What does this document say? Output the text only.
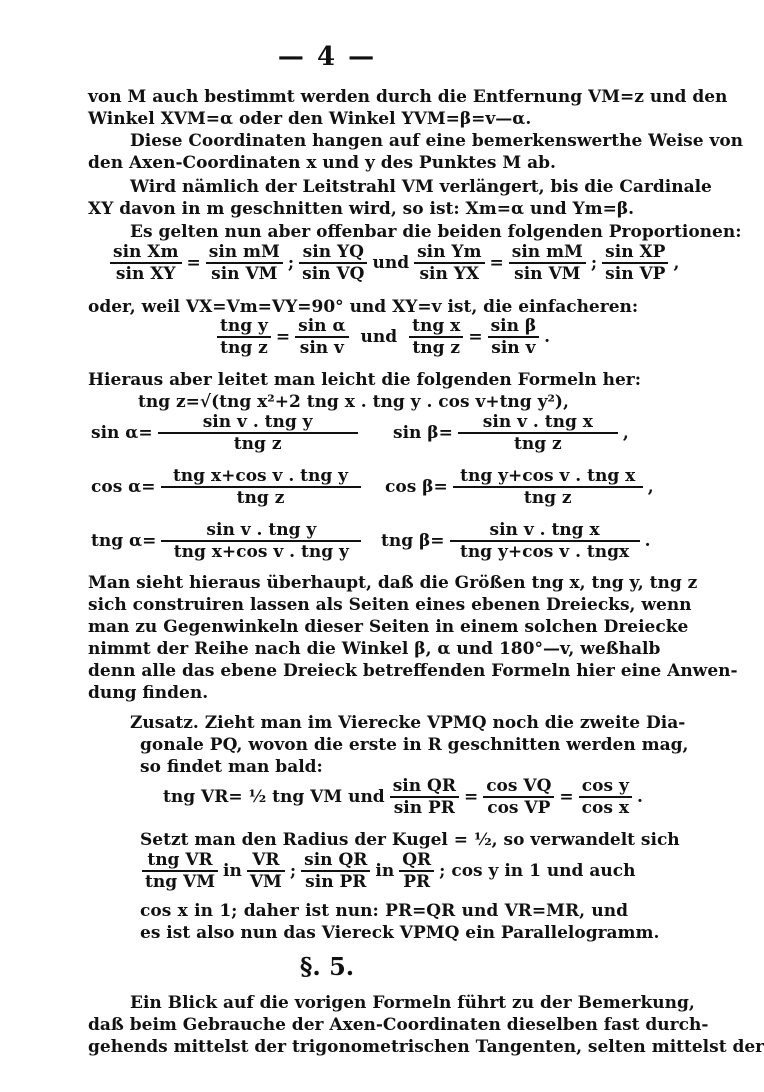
— 4 —
von M auch bestimmt werden durch die Entfernung VM=z und den
Winkel XVM=α oder den Winkel YVM=β=v—α.
Diese Coordinaten hangen auf eine bemerkenswerthe Weise von
den Axen-Coordinaten x und y des Punktes M ab.
Wird nämlich der Leitstrahl VM verlängert, bis die Cardinale
XY davon in m geschnitten wird, so ist: Xm=α und Ym=β.
Es gelten nun aber offenbar die beiden folgenden Proportionen:
$\frac{\text{sin Xm}}{\text{sin XY}} = \frac{\text{sin mM}}{\text{sin VM}}$ ; $\frac{\text{sin YQ}}{\text{sin VQ}}$ und $\frac{\text{sin Ym}}{\text{sin YX}} = \frac{\text{sin mM}}{\text{sin VM}}$ ; $\frac{\text{sin XP}}{\text{sin VP}}$ ,
oder, weil VX=Vm=VY=90° und XY=v ist, die einfacheren:
$\frac{\text{tng y}}{\text{tng z}} = \frac{\text{sin α}}{\text{sin v}}$ und $\frac{\text{tng x}}{\text{tng z}} = \frac{\text{sin β}}{\text{sin v}}$ .
Hieraus aber leitet man leicht die folgenden Formeln her:
tng z=√(tng x²+2 tng x . tng y . cos v+tng y²),
$\sin \alpha= \frac{\text{sin v . tng y}}{\text{tng z}}$ $\sin \beta= \frac{\text{sin v . tng x}}{\text{tng z}}$ ,
$\cos \alpha= \frac{\text{tng x+cos v . tng y}}{\text{tng z}}$ $\cos \beta= \frac{\text{tng y+cos v . tng x}}{\text{tng z}}$ ,
tng $\alpha= \frac{\text{sin v . tng y}}{\text{tng x+cos v . tng y}}$ tng $\beta= \frac{\text{sin v . tng x}}{\text{tng y+cos v . tngx}}$ .
Man sieht hieraus überhaupt, daß die Größen tng x, tng y, tng z
sich construiren lassen als Seiten eines ebenen Dreiecks, wenn
man zu Gegenwinkeln dieser Seiten in einem solchen Dreiecke
nimmt der Reihe nach die Winkel β, α und 180°—v, weßhalb
denn alle das ebene Dreieck betreffenden Formeln hier eine Anwen-
dung finden.
Zusatz. Zieht man im Vierecke VPMQ noch die zweite Dia-
gonale PQ, wovon die erste in R geschnitten werden mag,
so findet man bald:
tng VR= ½ tng VM und $\frac{\text{sin QR}}{\text{sin PR}} = \frac{\text{cos VQ}}{\text{cos VP}} = \frac{\text{cos y}}{\text{cos x}}$ .
Setzt man den Radius der Kugel = ½, so verwandelt sich
$\frac{\text{tng VR}}{\text{tng VM}}$ in $\frac{VR}{VM}$ ; $\frac{\text{sin QR}}{\text{sin PR}}$ in $\frac{QR}{PR}$ ; cos y in 1 und auch
cos x in 1; daher ist nun: PR=QR und VR=MR, und
es ist also nun das Viereck VPMQ ein Parallelogramm.
§. 5.
Ein Blick auf die vorigen Formeln führt zu der Bemerkung,
daß beim Gebrauche der Axen-Coordinaten dieselben fast durch-
gehends mittelst der trigonometrischen Tangenten, selten mittelst der
